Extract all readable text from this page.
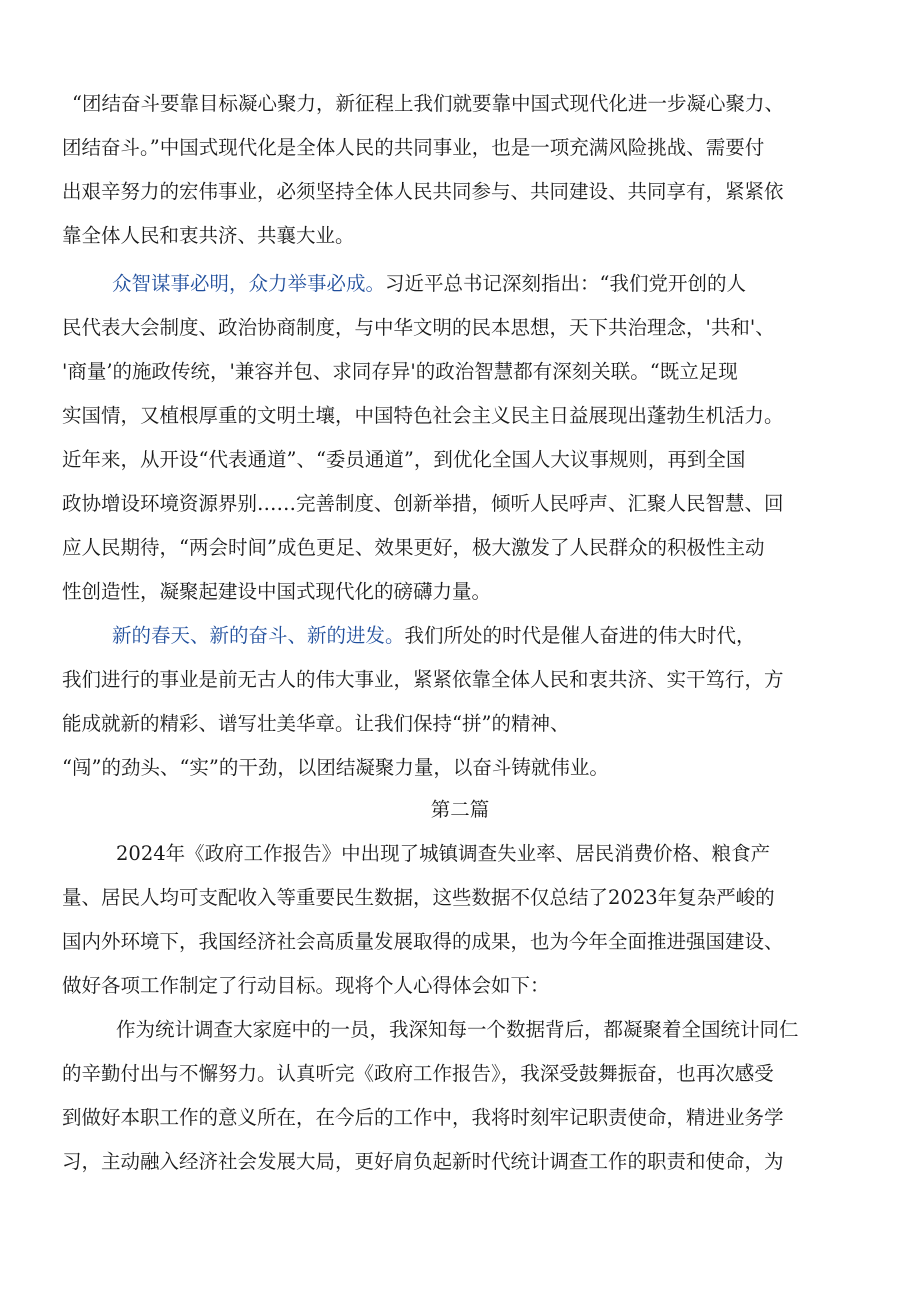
“团结奋斗要靠目标凝心聚力，新征程上我们就要靠中国式现代化进一步凝心聚力、
团结奋斗。”中国式现代化是全体人民的共同事业，也是一项充满风险挑战、需要付
出艰辛努力的宏伟事业，必须坚持全体人民共同参与、共同建设、共同享有，紧紧依
靠全体人民和衷共济、共襄大业。
众智谋事必明，众力举事必成。习近平总书记深刻指出：“我们党开创的人
民代表大会制度、政治协商制度，与中华文明的民本思想，天下共治理念，'共和'、
'商量’的施政传统，'兼容并包、求同存异'的政治智慧都有深刻关联。“既立足现
实国情，又植根厚重的文明土壤，中国特色社会主义民主日益展现出蓬勃生机活力。
近年来，从开设“代表通道”、“委员通道”，到优化全国人大议事规则，再到全国
政协增设环境资源界别……完善制度、创新举措，倾听人民呼声、汇聚人民智慧、回
应人民期待，“两会时间”成色更足、效果更好，极大激发了人民群众的积极性主动
性创造性，凝聚起建设中国式现代化的磅礴力量。
新的春天、新的奋斗、新的进发。我们所处的时代是催人奋进的伟大时代，
我们进行的事业是前无古人的伟大事业，紧紧依靠全体人民和衷共济、实干笃行，方
能成就新的精彩、谱写壮美华章。让我们保持“拼”的精神、
“闯”的劲头、“实”的干劲，以团结凝聚力量，以奋斗铸就伟业。
第二篇
2024年《政府工作报告》中出现了城镇调查失业率、居民消费价格、粮食产
量、居民人均可支配收入等重要民生数据，这些数据不仅总结了2023年复杂严峻的
国内外环境下，我国经济社会高质量发展取得的成果，也为今年全面推进强国建设、
做好各项工作制定了行动目标。现将个人心得体会如下：
作为统计调查大家庭中的一员，我深知每一个数据背后，都凝聚着全国统计同仁
的辛勤付出与不懈努力。认真听完《政府工作报告》，我深受鼓舞振奋，也再次感受
到做好本职工作的意义所在，在今后的工作中，我将时刻牢记职责使命，精进业务学
习，主动融入经济社会发展大局，更好肩负起新时代统计调查工作的职责和使命，为
